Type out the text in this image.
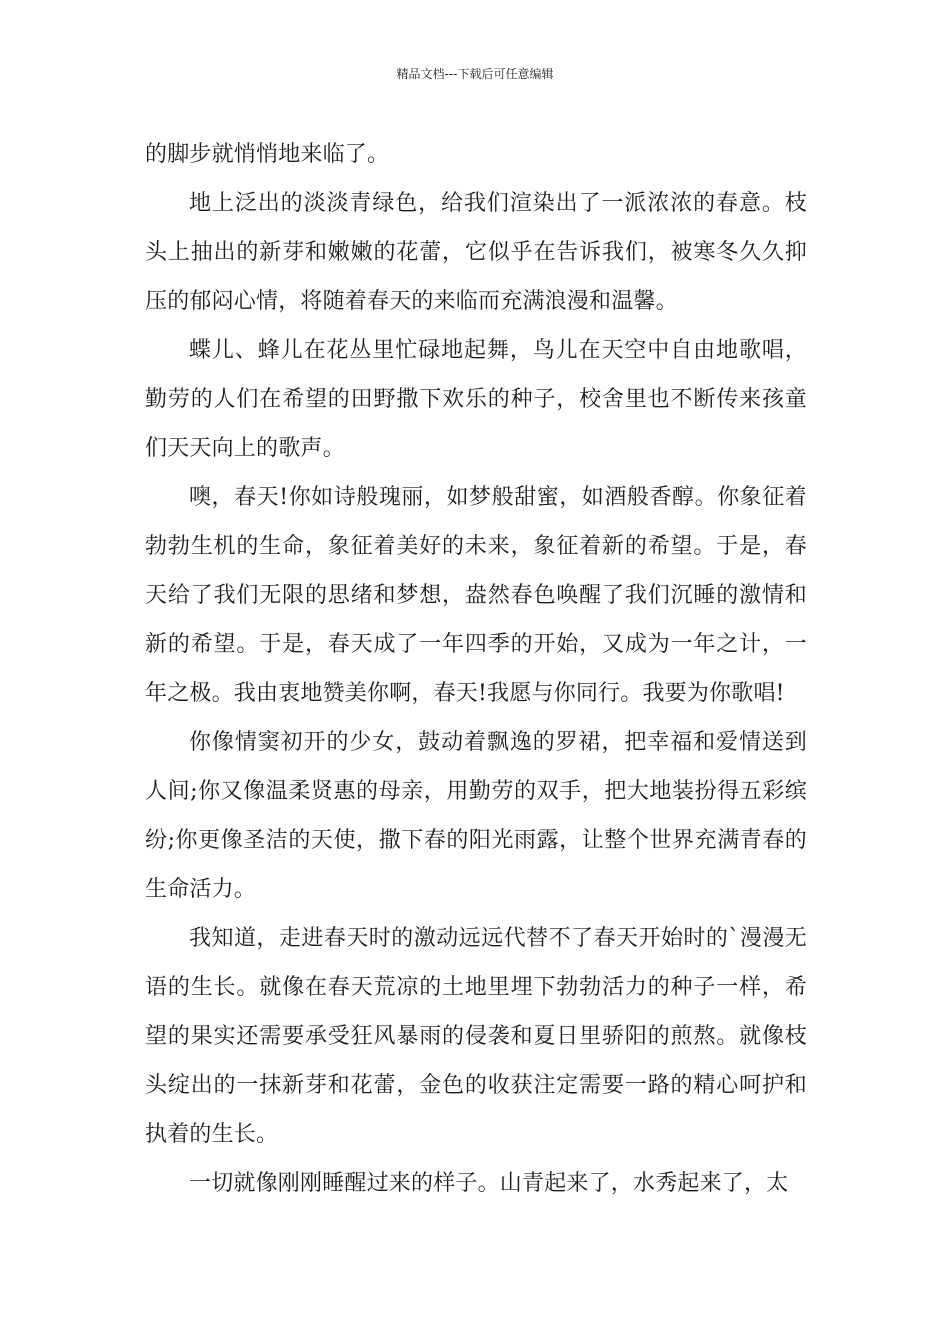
精品文档---下载后可任意编辑

的脚步就悄悄地来临了。

地上泛出的淡淡青绿色，给我们渲染出了一派浓浓的春意。枝头上抽出的新芽和嫩嫩的花蕾，它似乎在告诉我们，被寒冬久久抑压的郁闷心情，将随着春天的来临而充满浪漫和温馨。

蝶儿、蜂儿在花丛里忙碌地起舞，鸟儿在天空中自由地歌唱，勤劳的人们在希望的田野撒下欢乐的种子，校舍里也不断传来孩童们天天向上的歌声。

噢，春天!你如诗般瑰丽，如梦般甜蜜，如酒般香醇。你象征着勃勃生机的生命，象征着美好的未来，象征着新的希望。于是，春天给了我们无限的思绪和梦想，盎然春色唤醒了我们沉睡的激情和新的希望。于是，春天成了一年四季的开始，又成为一年之计，一年之极。我由衷地赞美你啊，春天!我愿与你同行。我要为你歌唱!

你像情窦初开的少女，鼓动着飘逸的罗裙，把幸福和爱情送到人间;你又像温柔贤惠的母亲，用勤劳的双手，把大地装扮得五彩缤纷;你更像圣洁的天使，撒下春的阳光雨露，让整个世界充满青春的生命活力。

我知道，走进春天时的激动远远代替不了春天开始时的`漫漫无语的生长。就像在春天荒凉的土地里埋下勃勃活力的种子一样，希望的果实还需要承受狂风暴雨的侵袭和夏日里骄阳的煎熬。就像枝头绽出的一抹新芽和花蕾，金色的收获注定需要一路的精心呵护和执着的生长。

一切就像刚刚睡醒过来的样子。山青起来了，水秀起来了，太
